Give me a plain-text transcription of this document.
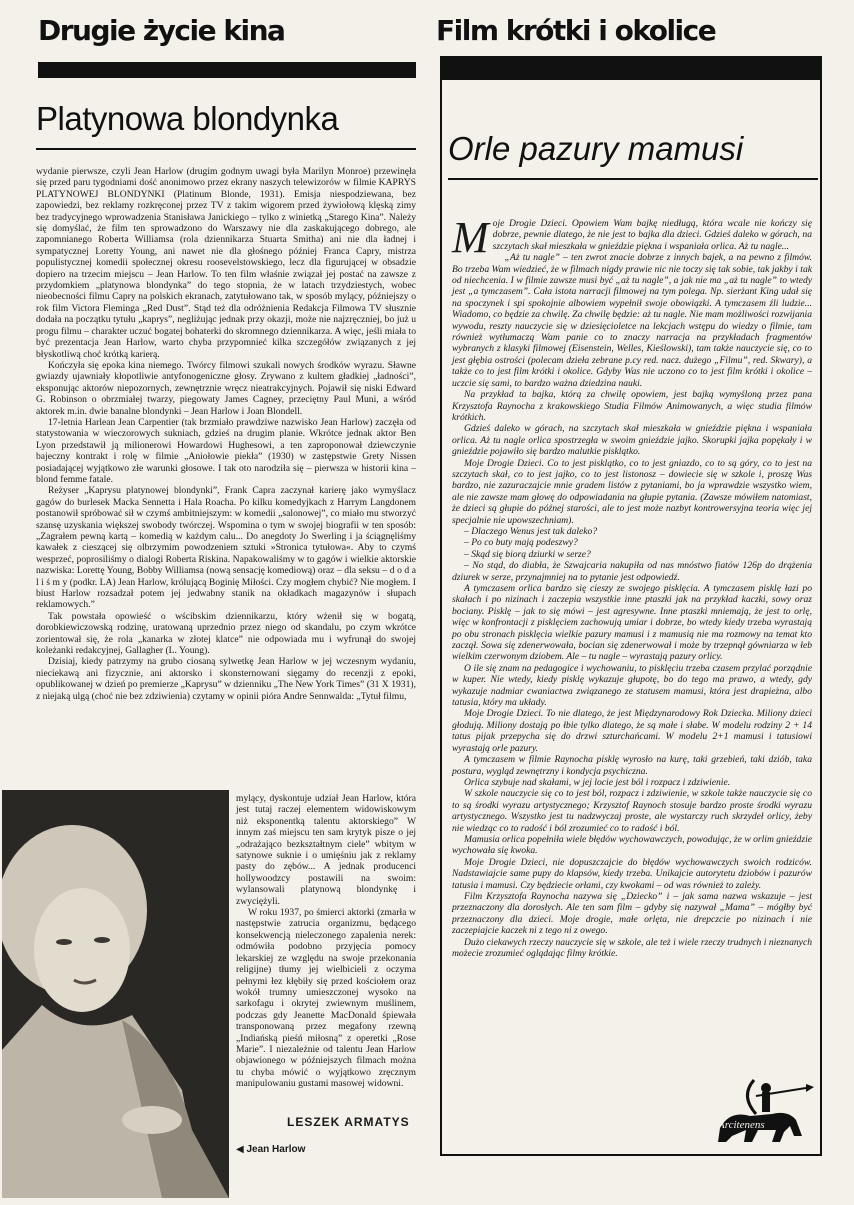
Drugie życie kina	Film krótki i okolice
Platynowa blondynka

wydanie pierwsze, czyli Jean Harlow (drugim godnym uwagi była Marilyn Monroe) przewinęła się przed paru tygodniami dość anonimowo przez ekrany naszych telewizorów w filmie KAPRYS PLATYNOWEJ BLONDYNKI (Platinum Blonde, 1931). Emisja niespodziewana, bez zapowiedzi, bez reklamy rozkręconej przez TV z takim wigorem przed żywiołową klęską zimy bez tradycyjnego wprowadzenia Stanisława Janickiego – tylko z winietką „Starego Kina”. Należy się domyślać, że film ten sprowadzono do Warszawy nie dla zaskakującego dobrego, ale zapomnianego Roberta Williamsa (rola dziennikarza Stuarta Smitha) ani nie dla ładnej i sympatycznej Loretty Young, ani nawet nie dla głośnego później Franca Capry, mistrza populistycznej komedii społecznej okresu roosevelstowskiego, lecz dla figurującej w obsadzie dopiero na trzecim miejscu – Jean Harlow. To ten film właśnie związał jej postać na zawsze z przydomkiem „platynowa blondynka” do tego stopnia, że w latach trzydziestych, wobec nieobecności filmu Capry na polskich ekranach, zatytułowano tak, w sposób mylący, późniejszy o rok film Victora Fleminga „Red Dust”. Stąd też dla odróżnienia Redakcja Filmowa TV słusznie dodała na początku tytułu „kaprys”, negliżując jednak przy okazji, może nie najzręczniej, bo już u progu filmu – charakter uczuć bogatej bohaterki do skromnego dziennikarza. A więc, jeśli miała to być prezentacja Jean Harlow, warto chyba przypomnieć kilka szczegółów związanych z jej błyskotliwą choć krótką karierą.

Kończyła się epoka kina niemego. Twórcy filmowi szukali nowych środków wyrazu. Sławne gwiazdy ujawniały kłopotliwie antyfonogeniczne głosy. Zrywano z kultem gładkiej „ładności”, eksponując aktorów niepozornych, zewnętrznie wręcz nieatrakcyjnych. Pojawił się niski Edward G. Robinson o obrzmiałej twarzy, piegowaty James Cagney, przeciętny Paul Muni, a wśród aktorek m.in. dwie banalne blondynki – Jean Harlow i Joan Blondell.

17-letnia Harlean Jean Carpentier (tak brzmiało prawdziwe nazwisko Jean Harlow) zaczęła od statystowania w wieczorowych sukniach, gdzieś na drugim planie. Wkrótce jednak aktor Ben Lyon przedstawił ją milionerowi Howardowi Hughesowi, a ten zaproponował dziewczynie bajeczny kontrakt i rolę w filmie „Aniołowie piekła” (1930) w zastępstwie Grety Nissen posiadającej wyjątkowo złe warunki głosowe. I tak oto narodziła się – pierwsza w historii kina – blond femme fatale.

Reżyser „Kaprysu platynowej blondynki”, Frank Capra zaczynał karierę jako wymyślacz gagów do burlesek Macka Sennetta i Hala Roacha. Po kilku komedyjkach z Harrym Langdonem postanowił spróbować sił w czymś ambitniejszym: w komedii „salonowej”, co miało mu stworzyć szansę uzyskania większej swobody twórczej. Wspomina o tym w swojej biografii w ten sposób: „Zagrałem pewną kartą – komedią w każdym calu... Do anegdoty Jo Swerling i ja ściągnęliśmy kawałek z cieszącej się olbrzymim powodzeniem sztuki »Stronica tytułowa«. Aby to czymś wesprzeć, poprosiliśmy o dialogi Roberta Riskina. Napakowaliśmy w to gagów i wielkie aktorskie nazwiska: Lorettę Young, Bobby Williamsa (nową sensację komediową) oraz – dla seksu – d o d a l i ś m y (podkr. LA) Jean Harlow, królującą Boginię Miłości. Czy mogłem chybić? Nie mogłem. I biust Harlow rozsadzał potem jej jedwabny stanik na okładkach magazynów i słupach reklamowych.”

Tak powstała opowieść o wścibskim dziennikarzu, który wżenił się w bogatą, dorobkiewiczowską rodzinę, uratowaną uprzednio przez niego od skandalu, po czym wkrótce zorientował się, że rola „kanarka w złotej klatce” nie odpowiada mu i wyfrunął do swojej koleżanki redakcyjnej, Gallagher (L. Young).

Dzisiaj, kiedy patrzymy na grubo ciosaną sylwetkę Jean Harlow w jej wczesnym wydaniu, nieciekawą ani fizycznie, ani aktorsko i skonsternowani sięgamy do recenzji z epoki, opublikowanej w dzień po premierze „Kaprysu” w dzienniku „The New York Times” (31 X 1931), z niejaką ulgą (choć nie bez zdziwienia) czytamy w opinii pióra Andre Sennwalda: „Tytuł filmu,

mylący, dyskontuje udział Jean Harlow, która jest tutaj raczej elementem widowiskowym niż eksponentką talentu aktorskiego” W innym zaś miejscu ten sam krytyk pisze o jej „odrażająco bezkształtnym ciele” wbitym w satynowe suknie i o umięśniu jak z reklamy pasty do zębów... A jednak producenci hollywoodzcy postawili na swoim: wylansowali platynową blondynkę i zwyciężyli.

W roku 1937, po śmierci aktorki (zmarła w następstwie zatrucia organizmu, będącego konsekwencją nieleczonego zapalenia nerek: odmówiła podobno przyjęcia pomocy lekarskiej ze względu na swoje przekonania religijne) tłumy jej wielbicieli z oczyma pełnymi łez kłębiły się przed kościołem oraz wokół trumny umieszczonej wysoko na sarkofagu i okrytej zwiewnym muślinem, podczas gdy Jeanette MacDonald śpiewała transponowaną przez megafony rzewną „Indiańską pieśń miłosną” z operetki „Rose Marie”. I niezależnie od talentu Jean Harlow objawionego w późniejszych filmach można tu chyba mówić o wyjątkowo zręcznym manipulowaniu gustami masowej widowni.

LESZEK ARMATYS
◀ Jean Harlow
Orle pazury mamusi

M oje Drogie Dzieci. Opowiem Wam bajkę niedługą, która wcale nie kończy się dobrze, pewnie dlatego, że nie jest to bajka dla dzieci. Gdzieś daleko w górach, na szczytach skał mieszkała w gnieździe piękna i wspaniała orlica. Aż tu nagle...

„Aż tu nagle” – ten zwrot znacie dobrze z innych bajek, a na pewno z filmów. Bo trzeba Wam wiedzieć, że w filmach nigdy prawie nic nie toczy się tak sobie, tak jakby i tak od niechcenia. I w filmie zawsze musi być „aż tu nagle”, a jak nie ma „aż tu nagle” to wtedy jest „a tymczasem”. Cała istota narracji filmowej na tym polega. Np. sierżant King udał się na spoczynek i spi spokojnie albowiem wypełnił swoje obowiązki. A tymczasem źli ludzie... Wiadomo, co będzie za chwilę. Za chwilę będzie: aż tu nagle. Nie mam możliwości rozwijania wywodu, reszty nauczycie się w dziesięcioletce na lekcjach wstępu do wiedzy o filmie, tam również wytłumaczą Wam panie co to znaczy narracja na przykładach fragmentów wybranych z klasyki filmowej (Eisenstein, Welles, Kieślowski), tam także nauczycie się, co to jest głębia ostrości (polecam dzieła zebrane p.cy red. nacz. dużego „Filmu”, red. Skwary), a także co to jest film krótki i okolice. Gdyby Was nie uczono co to jest film krótki i okolice – uczcie się sami, to bardzo ważna dziedzina nauki.

Na przykład ta bajka, którą za chwilę opowiem, jest bajką wymyśloną przez pana Krzysztofa Raynocha z krakowskiego Studia Filmów Animowanych, a więc studia filmów krótkich.

Gdzieś daleko w górach, na szczytach skał mieszkała w gnieździe piękna i wspaniała orlica. Aż tu nagle orlica spostrzegła w swoim gnieździe jajko. Skorupki jajka popękały i w gnieździe pojawiło się bardzo malutkie pisklątko.

Moje Drogie Dzieci. Co to jest pisklątko, co to jest gniazdo, co to są góry, co to jest na szczytach skał, co to jest jajko, co to jest listonosz – dowiecie się w szkole i, proszę Was bardzo, nie zazuraczajcie mnie gradem listów z pytaniami, bo ja wprawdzie wszystko wiem, ale nie zawsze mam głowę do odpowiadania na głupie pytania. (Zawsze mówiłem natomiast, że dzieci są głupie do późnej starości, ale to jest może nazbyt kontrowersyjna teoria więc jej specjalnie nie upowszechniam).

– Dlaczego Wenus jest tak daleko?

– Po co buty mają podeszwy?

– Skąd się biorą dziurki w serze?

– No stąd, do diabła, że Szwajcaria nakupiła od nas mnóstwo fiatów 126p do drążenia dziurek w serze, przynajmniej na to pytanie jest odpowiedź.

A tymczasem orlica bardzo się cieszy ze swojego pisklęcia. A tymczasem pisklę łazi po skałach i po nizinach i zaczepia wszystkie inne ptaszki jak na przykład kaczki, sowy oraz bociany. Pisklę – jak to się mówi – jest agresywne. Inne ptaszki mniemają, że jest to orlę, więc w konfrontacji z pisklęciem zachowują umiar i dobrze, bo wtedy kiedy trzeba wyrastają po obu stronach pisklęcia wielkie pazury mamusi i z mamusią nie ma rozmowy na temat kto zaczął. Sowa się zdenerwowała, bocian się zdenerwował i może by trzepnął gówniarza w łeb wielkim czerwonym dziobem. Ale – tu nagle – wyrastają pazury orlicy.

O ile się znam na pedagogice i wychowaniu, to pisklęciu trzeba czasem przylać porządnie w kuper. Nie wtedy, kiedy pisklę wykazuje głupotę, bo do tego ma prawo, a wtedy, gdy wykazuje nadmiar cwaniactwa związanego ze statusem mamusi, która jest drapieżna, albo tatusia, który ma układy.

Moje Drogie Dzieci. To nie dlatego, że jest Międzynarodowy Rok Dziecka. Miliony dzieci głodują. Miliony dostają po łbie tylko dlatego, że są małe i słabe. W modelu rodziny 2 + 14 tatus pijak przepycha się do drzwi szturchańcami. W modelu 2+1 mamusi i tatusiowi wyrastają orle pazury.

A tymczasem w filmie Raynocha pisklę wyrosło na kurę, taki grzebień, taki dziób, taka postura, wygląd zewnętrzny i kondycja psychiczna.

Orlica szybuje nad skałami, w jej locie jest ból i rozpacz i zdziwienie.

W szkole nauczycie się co to jest ból, rozpacz i zdziwienie, w szkole także nauczycie się co to są środki wyrazu artystycznego; Krzysztof Raynoch stosuje bardzo proste środki wyrazu artystycznego. Wszystko jest tu nadzwyczaj proste, ale wystarczy ruch skrzydeł orlicy, żeby nie wiedząc co to radość i ból zrozumieć co to radość i ból.

Mamusia orlica popełniła wiele błędów wychowawczych, powodując, że w orlim gnieździe wychowała się kwoka.

Moje Drogie Dzieci, nie dopuszczajcie do błędów wychowawczych swoich rodziców. Nadstawiajcie same pupy do klapsów, kiedy trzeba. Unikajcie autorytetu dziobów i pazurów tatusia i mamusi. Czy będziecie orłami, czy kwokami – od was również to zależy.

Film Krzysztofa Raynocha nazywa się „Dziecko” i – jak sama nazwa wskazuje – jest przeznaczony dla dorosłych. Ale ten sam film – gdyby się nazywał „Mama” – mógłby być przeznaczony dla dzieci. Moje drogie, małe orlęta, nie drepczcie po nizinach i nie zaczepiajcie kaczek ni z tego ni z owego.

Dużo ciekawych rzeczy nauczycie się w szkole, ale też i wiele rzeczy trudnych i nieznanych możecie zrozumieć oglądając filmy krótkie.

Arcitenens
